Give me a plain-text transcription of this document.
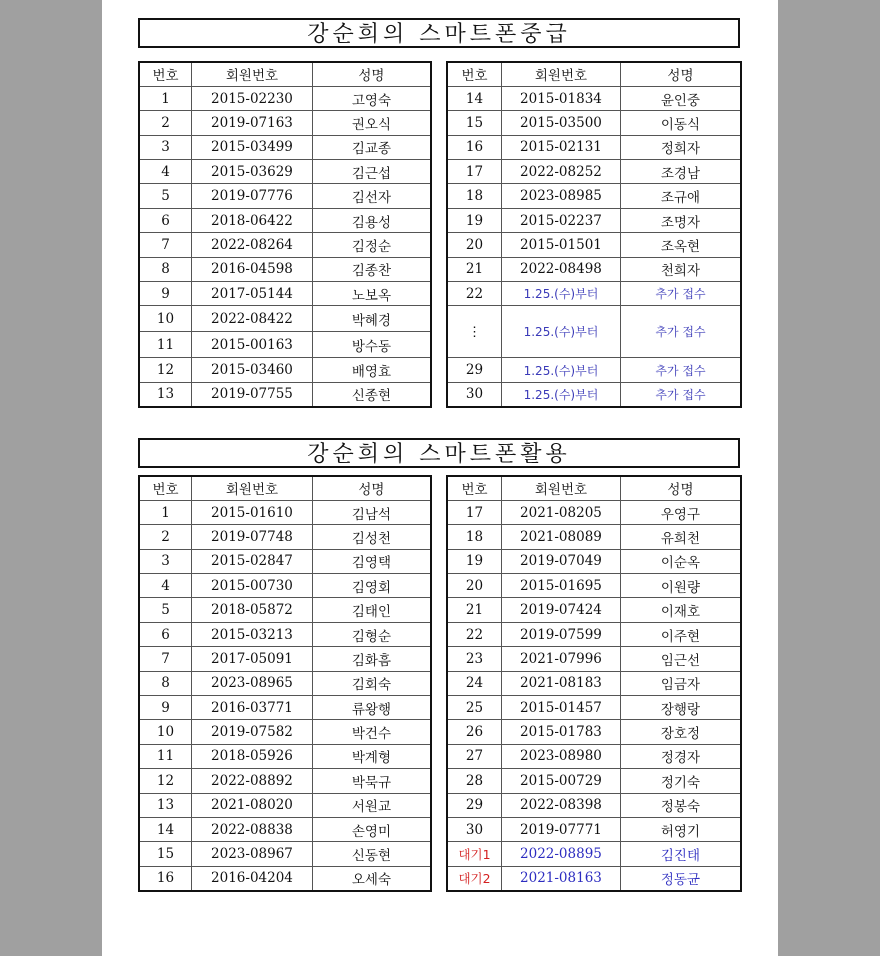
강순희의 스마트폰중급
번호	회원번호	성명
1	2015-02230	고영숙
2	2019-07163	권오식
3	2015-03499	김교종
4	2015-03629	김근섭
5	2019-07776	김선자
6	2018-06422	김용성
7	2022-08264	김정순
8	2016-04598	김종찬
9	2017-05144	노보옥
10	2022-08422	박혜경
11	2015-00163	방수동
12	2015-03460	배영효
13	2019-07755	신종현
번호	회원번호	성명
14	2015-01834	윤인중
15	2015-03500	이동식
16	2015-02131	정희자
17	2022-08252	조경남
18	2023-08985	조규애
19	2015-02237	조명자
20	2015-01501	조옥현
21	2022-08498	천희자
22	1.25.(수)부터	추가 접수
⋮	1.25.(수)부터	추가 접수
29	1.25.(수)부터	추가 접수
30	1.25.(수)부터	추가 접수
강순희의 스마트폰활용
번호	회원번호	성명
1	2015-01610	김남석
2	2019-07748	김성천
3	2015-02847	김영택
4	2015-00730	김영회
5	2018-05872	김태인
6	2015-03213	김형순
7	2017-05091	김화흠
8	2023-08965	김회숙
9	2016-03771	류왕행
10	2019-07582	박건수
11	2018-05926	박계형
12	2022-08892	박묵규
13	2021-08020	서원교
14	2022-08838	손영미
15	2023-08967	신동현
16	2016-04204	오세숙
번호	회원번호	성명
17	2021-08205	우영구
18	2021-08089	유희천
19	2019-07049	이순옥
20	2015-01695	이원량
21	2019-07424	이재호
22	2019-07599	이주현
23	2021-07996	임근선
24	2021-08183	임금자
25	2015-01457	장행랑
26	2015-01783	장호정
27	2023-08980	정경자
28	2015-00729	정기숙
29	2022-08398	정봉숙
30	2019-07771	허영기
대기1	2022-08895	김진태
대기2	2021-08163	정동균
